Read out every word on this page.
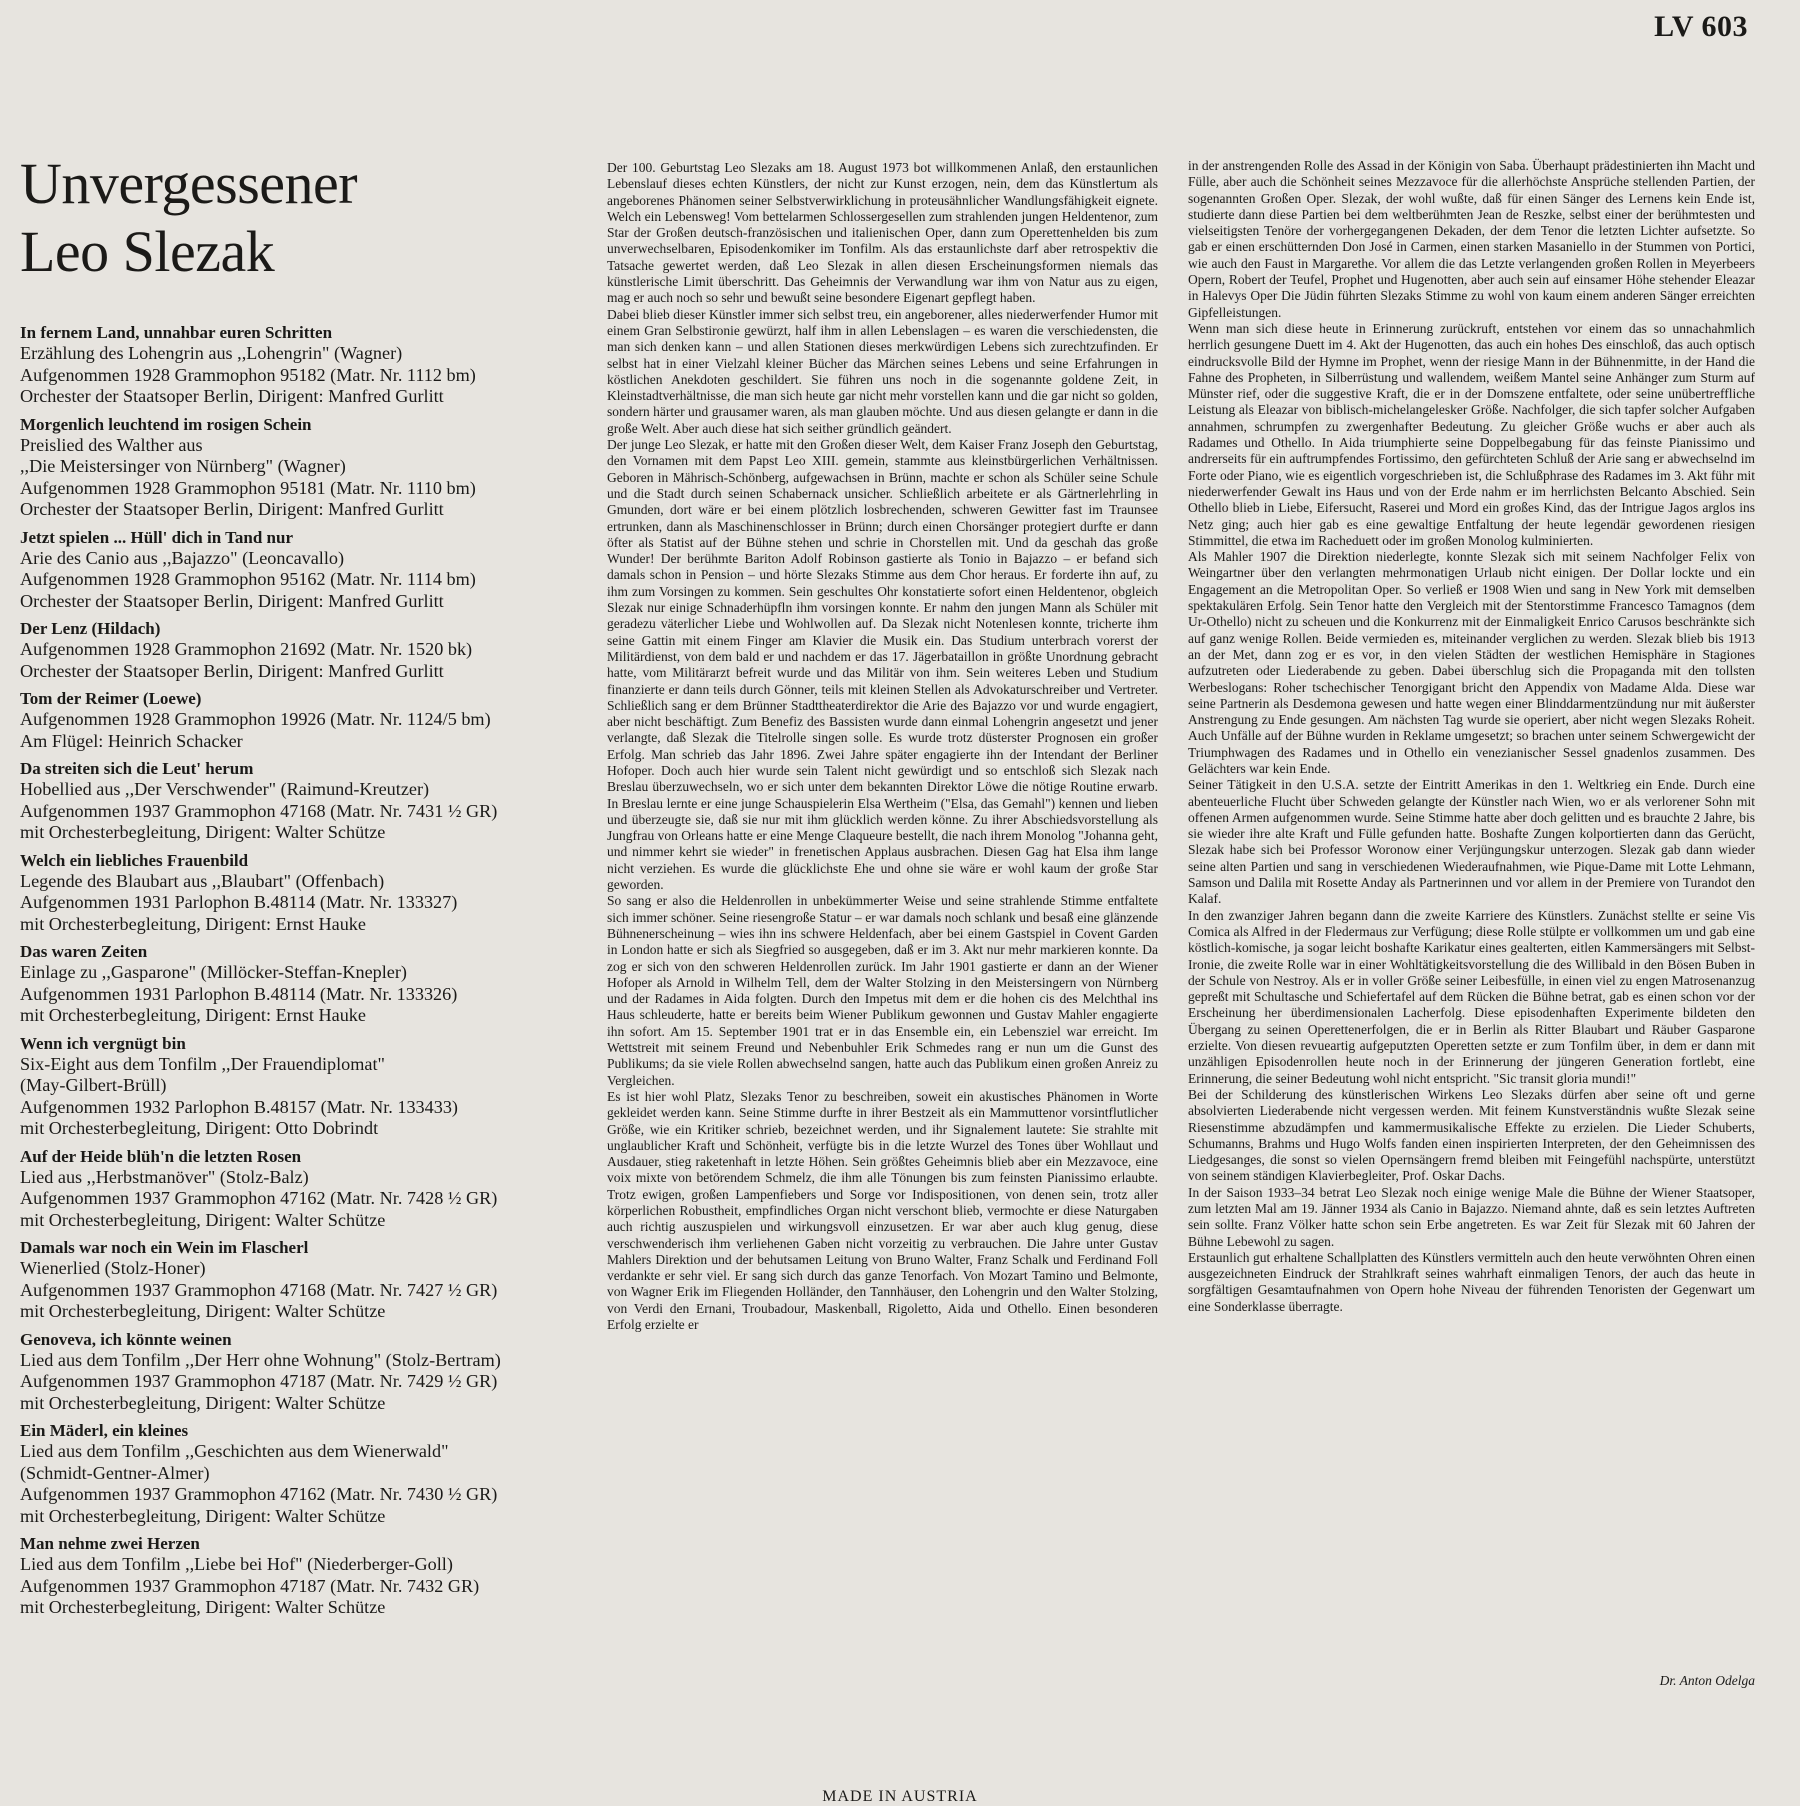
LV 603
Unvergessener
Leo Slezak
In fernem Land, unnahbar euren Schritten
Erzählung des Lohengrin aus ,,Lohengrin" (Wagner)
Aufgenommen 1928 Grammophon 95182 (Matr. Nr. 1112 bm)
Orchester der Staatsoper Berlin, Dirigent: Manfred Gurlitt
Morgenlich leuchtend im rosigen Schein
Preislied des Walther aus
,,Die Meistersinger von Nürnberg" (Wagner)
Aufgenommen 1928 Grammophon 95181 (Matr. Nr. 1110 bm)
Orchester der Staatsoper Berlin, Dirigent: Manfred Gurlitt
Jetzt spielen ... Hüll' dich in Tand nur
Arie des Canio aus ,,Bajazzo" (Leoncavallo)
Aufgenommen 1928 Grammophon 95162 (Matr. Nr. 1114 bm)
Orchester der Staatsoper Berlin, Dirigent: Manfred Gurlitt
Der Lenz (Hildach)
Aufgenommen 1928 Grammophon 21692 (Matr. Nr. 1520 bk)
Orchester der Staatsoper Berlin, Dirigent: Manfred Gurlitt
Tom der Reimer (Loewe)
Aufgenommen 1928 Grammophon 19926 (Matr. Nr. 1124/5 bm)
Am Flügel: Heinrich Schacker
Da streiten sich die Leut' herum
Hobellied aus ,,Der Verschwender" (Raimund-Kreutzer)
Aufgenommen 1937 Grammophon 47168 (Matr. Nr. 7431 ½ GR)
mit Orchesterbegleitung, Dirigent: Walter Schütze
Welch ein liebliches Frauenbild
Legende des Blaubart aus ,,Blaubart" (Offenbach)
Aufgenommen 1931 Parlophon B.48114 (Matr. Nr. 133327)
mit Orchesterbegleitung, Dirigent: Ernst Hauke
Das waren Zeiten
Einlage zu ,,Gasparone" (Millöcker-Steffan-Knepler)
Aufgenommen 1931 Parlophon B.48114 (Matr. Nr. 133326)
mit Orchesterbegleitung, Dirigent: Ernst Hauke
Wenn ich vergnügt bin
Six-Eight aus dem Tonfilm ,,Der Frauendiplomat"
(May-Gilbert-Brüll)
Aufgenommen 1932 Parlophon B.48157 (Matr. Nr. 133433)
mit Orchesterbegleitung, Dirigent: Otto Dobrindt
Auf der Heide blüh'n die letzten Rosen
Lied aus ,,Herbstmanöver" (Stolz-Balz)
Aufgenommen 1937 Grammophon 47162 (Matr. Nr. 7428 ½ GR)
mit Orchesterbegleitung, Dirigent: Walter Schütze
Damals war noch ein Wein im Flascherl
Wienerlied (Stolz-Honer)
Aufgenommen 1937 Grammophon 47168 (Matr. Nr. 7427 ½ GR)
mit Orchesterbegleitung, Dirigent: Walter Schütze
Genoveva, ich könnte weinen
Lied aus dem Tonfilm ,,Der Herr ohne Wohnung" (Stolz-Bertram)
Aufgenommen 1937 Grammophon 47187 (Matr. Nr. 7429 ½ GR)
mit Orchesterbegleitung, Dirigent: Walter Schütze
Ein Mäderl, ein kleines
Lied aus dem Tonfilm ,,Geschichten aus dem Wienerwald"
(Schmidt-Gentner-Almer)
Aufgenommen 1937 Grammophon 47162 (Matr. Nr. 7430 ½ GR)
mit Orchesterbegleitung, Dirigent: Walter Schütze
Man nehme zwei Herzen
Lied aus dem Tonfilm ,,Liebe bei Hof" (Niederberger-Goll)
Aufgenommen 1937 Grammophon 47187 (Matr. Nr. 7432 GR)
mit Orchesterbegleitung, Dirigent: Walter Schütze

Der 100. Geburtstag Leo Slezaks am 18. August 1973 bot willkommenen Anlaß, den erstaunlichen Lebenslauf dieses echten Künstlers, der nicht zur Kunst erzogen, nein, dem das Künstlertum als angeborenes Phänomen seiner Selbstverwirklichung in proteusähnlicher Wandlungsfähigkeit eignete. Welch ein Lebensweg! Vom bettelarmen Schlossergesellen zum strahlenden jungen Heldentenor, zum Star der Großen deutsch-französischen und italienischen Oper, dann zum Operettenhelden bis zum unverwechselbaren, Episodenkomiker im Tonfilm. Als das erstaunlichste darf aber retrospektiv die Tatsache gewertet werden, daß Leo Slezak in allen diesen Erscheinungsformen niemals das künstlerische Limit überschritt. Das Geheimnis der Verwandlung war ihm von Natur aus zu eigen, mag er auch noch so sehr und bewußt seine besondere Eigenart gepflegt haben.

Dabei blieb dieser Künstler immer sich selbst treu, ein angeborener, alles niederwerfender Humor mit einem Gran Selbstironie gewürzt, half ihm in allen Lebenslagen – es waren die verschiedensten, die man sich denken kann – und allen Stationen dieses merkwürdigen Lebens sich zurechtzufinden. Er selbst hat in einer Vielzahl kleiner Bücher das Märchen seines Lebens und seine Erfahrungen in köstlichen Anekdoten geschildert. Sie führen uns noch in die sogenannte goldene Zeit, in Kleinstadtverhältnisse, die man sich heute gar nicht mehr vorstellen kann und die gar nicht so golden, sondern härter und grausamer waren, als man glauben möchte. Und aus diesen gelangte er dann in die große Welt. Aber auch diese hat sich seither gründlich geändert.

Der junge Leo Slezak, er hatte mit den Großen dieser Welt, dem Kaiser Franz Joseph den Geburtstag, den Vornamen mit dem Papst Leo XIII. gemein, stammte aus kleinstbürgerlichen Verhältnissen. Geboren in Mährisch-Schönberg, aufgewachsen in Brünn, machte er schon als Schüler seine Schule und die Stadt durch seinen Schabernack unsicher. Schließlich arbeitete er als Gärtnerlehrling in Gmunden, dort wäre er bei einem plötzlich losbrechenden, schweren Gewitter fast im Traunsee ertrunken, dann als Maschinenschlosser in Brünn; durch einen Chorsänger protegiert durfte er dann öfter als Statist auf der Bühne stehen und schrie in Chorstellen mit. Und da geschah das große Wunder! Der berühmte Bariton Adolf Robinson gastierte als Tonio in Bajazzo – er befand sich damals schon in Pension – und hörte Slezaks Stimme aus dem Chor heraus. Er forderte ihn auf, zu ihm zum Vorsingen zu kommen. Sein geschultes Ohr konstatierte sofort einen Heldentenor, obgleich Slezak nur einige Schnaderhüpfln ihm vorsingen konnte. Er nahm den jungen Mann als Schüler mit geradezu väterlicher Liebe und Wohlwollen auf. Da Slezak nicht Notenlesen konnte, tricherte ihm seine Gattin mit einem Finger am Klavier die Musik ein. Das Studium unterbrach vorerst der Militärdienst, von dem bald er und nachdem er das 17. Jägerbataillon in größte Unordnung gebracht hatte, vom Militärarzt befreit wurde und das Militär von ihm. Sein weiteres Leben und Studium finanzierte er dann teils durch Gönner, teils mit kleinen Stellen als Advokaturschreiber und Vertreter. Schließlich sang er dem Brünner Stadttheaterdirektor die Arie des Bajazzo vor und wurde engagiert, aber nicht beschäftigt. Zum Benefiz des Bassisten wurde dann einmal Lohengrin angesetzt und jener verlangte, daß Slezak die Titelrolle singen solle. Es wurde trotz düsterster Prognosen ein großer Erfolg. Man schrieb das Jahr 1896. Zwei Jahre später engagierte ihn der Intendant der Berliner Hofoper. Doch auch hier wurde sein Talent nicht gewürdigt und so entschloß sich Slezak nach Breslau überzuwechseln, wo er sich unter dem bekannten Direktor Löwe die nötige Routine erwarb. In Breslau lernte er eine junge Schauspielerin Elsa Wertheim ("Elsa, das Gemahl") kennen und lieben und überzeugte sie, daß sie nur mit ihm glücklich werden könne. Zu ihrer Abschiedsvorstellung als Jungfrau von Orleans hatte er eine Menge Claqueure bestellt, die nach ihrem Monolog "Johanna geht, und nimmer kehrt sie wieder" in frenetischen Applaus ausbrachen. Diesen Gag hat Elsa ihm lange nicht verziehen. Es wurde die glücklichste Ehe und ohne sie wäre er wohl kaum der große Star geworden.

So sang er also die Heldenrollen in unbekümmerter Weise und seine strahlende Stimme entfaltete sich immer schöner. Seine riesengroße Statur – er war damals noch schlank und besaß eine glänzende Bühnenerscheinung – wies ihn ins schwere Heldenfach, aber bei einem Gastspiel in Covent Garden in London hatte er sich als Siegfried so ausgegeben, daß er im 3. Akt nur mehr markieren konnte. Da zog er sich von den schweren Heldenrollen zurück. Im Jahr 1901 gastierte er dann an der Wiener Hofoper als Arnold in Wilhelm Tell, dem der Walter Stolzing in den Meistersingern von Nürnberg und der Radames in Aida folgten. Durch den Impetus mit dem er die hohen cis des Melchthal ins Haus schleuderte, hatte er bereits beim Wiener Publikum gewonnen und Gustav Mahler engagierte ihn sofort. Am 15. September 1901 trat er in das Ensemble ein, ein Lebensziel war erreicht. Im Wettstreit mit seinem Freund und Nebenbuhler Erik Schmedes rang er nun um die Gunst des Publikums; da sie viele Rollen abwechselnd sangen, hatte auch das Publikum einen großen Anreiz zu Vergleichen.

Es ist hier wohl Platz, Slezaks Tenor zu beschreiben, soweit ein akustisches Phänomen in Worte gekleidet werden kann. Seine Stimme durfte in ihrer Bestzeit als ein Mammuttenor vorsintflutlicher Größe, wie ein Kritiker schrieb, bezeichnet werden, und ihr Signalement lautete: Sie strahlte mit unglaublicher Kraft und Schönheit, verfügte bis in die letzte Wurzel des Tones über Wohllaut und Ausdauer, stieg raketenhaft in letzte Höhen. Sein größtes Geheimnis blieb aber ein Mezzavoce, eine voix mixte von betörendem Schmelz, die ihm alle Tönungen bis zum feinsten Pianissimo erlaubte. Trotz ewigen, großen Lampenfiebers und Sorge vor Indispositionen, von denen sein, trotz aller körperlichen Robustheit, empfindliches Organ nicht verschont blieb, vermochte er diese Naturgaben auch richtig auszuspielen und wirkungsvoll einzusetzen. Er war aber auch klug genug, diese verschwenderisch ihm verliehenen Gaben nicht vorzeitig zu verbrauchen. Die Jahre unter Gustav Mahlers Direktion und der behutsamen Leitung von Bruno Walter, Franz Schalk und Ferdinand Foll verdankte er sehr viel. Er sang sich durch das ganze Tenorfach. Von Mozart Tamino und Belmonte, von Wagner Erik im Fliegenden Holländer, den Tannhäuser, den Lohengrin und den Walter Stolzing, von Verdi den Ernani, Troubadour, Maskenball, Rigoletto, Aida und Othello. Einen besonderen Erfolg erzielte er

in der anstrengenden Rolle des Assad in der Königin von Saba. Überhaupt prädestinierten ihn Macht und Fülle, aber auch die Schönheit seines Mezzavoce für die allerhöchste Ansprüche stellenden Partien, der sogenannten Großen Oper. Slezak, der wohl wußte, daß für einen Sänger des Lernens kein Ende ist, studierte dann diese Partien bei dem weltberühmten Jean de Reszke, selbst einer der berühmtesten und vielseitigsten Tenöre der vorhergegangenen Dekaden, der dem Tenor die letzten Lichter aufsetzte. So gab er einen erschütternden Don José in Carmen, einen starken Masaniello in der Stummen von Portici, wie auch den Faust in Margarethe. Vor allem die das Letzte verlangenden großen Rollen in Meyerbeers Opern, Robert der Teufel, Prophet und Hugenotten, aber auch sein auf einsamer Höhe stehender Eleazar in Halevys Oper Die Jüdin führten Slezaks Stimme zu wohl von kaum einem anderen Sänger erreichten Gipfelleistungen.

Wenn man sich diese heute in Erinnerung zurückruft, entstehen vor einem das so unnachahmlich herrlich gesungene Duett im 4. Akt der Hugenotten, das auch ein hohes Des einschloß, das auch optisch eindrucksvolle Bild der Hymne im Prophet, wenn der riesige Mann in der Bühnenmitte, in der Hand die Fahne des Propheten, in Silberrüstung und wallendem, weißem Mantel seine Anhänger zum Sturm auf Münster rief, oder die suggestive Kraft, die er in der Domszene entfaltete, oder seine unübertreffliche Leistung als Eleazar von biblisch-michelangelesker Größe. Nachfolger, die sich tapfer solcher Aufgaben annahmen, schrumpfen zu zwergenhafter Bedeutung. Zu gleicher Größe wuchs er aber auch als Radames und Othello. In Aida triumphierte seine Doppelbegabung für das feinste Pianissimo und andrerseits für ein auftrumpfendes Fortissimo, den gefürchteten Schluß der Arie sang er abwechselnd im Forte oder Piano, wie es eigentlich vorgeschrieben ist, die Schlußphrase des Radames im 3. Akt führ mit niederwerfender Gewalt ins Haus und von der Erde nahm er im herrlichsten Belcanto Abschied. Sein Othello blieb in Liebe, Eifersucht, Raserei und Mord ein großes Kind, das der Intrigue Jagos arglos ins Netz ging; auch hier gab es eine gewaltige Entfaltung der heute legendär gewordenen riesigen Stimmittel, die etwa im Racheduett oder im großen Monolog kulminierten.

Als Mahler 1907 die Direktion niederlegte, konnte Slezak sich mit seinem Nachfolger Felix von Weingartner über den verlangten mehrmonatigen Urlaub nicht einigen. Der Dollar lockte und ein Engagement an die Metropolitan Oper. So verließ er 1908 Wien und sang in New York mit demselben spektakulären Erfolg. Sein Tenor hatte den Vergleich mit der Stentorstimme Francesco Tamagnos (dem Ur-Othello) nicht zu scheuen und die Konkurrenz mit der Einmaligkeit Enrico Carusos beschränkte sich auf ganz wenige Rollen. Beide vermieden es, miteinander verglichen zu werden. Slezak blieb bis 1913 an der Met, dann zog er es vor, in den vielen Städten der westlichen Hemisphäre in Stagiones aufzutreten oder Liederabende zu geben. Dabei überschlug sich die Propaganda mit den tollsten Werbeslogans: Roher tschechischer Tenorgigant bricht den Appendix von Madame Alda. Diese war seine Partnerin als Desdemona gewesen und hatte wegen einer Blinddarmentzündung nur mit äußerster Anstrengung zu Ende gesungen. Am nächsten Tag wurde sie operiert, aber nicht wegen Slezaks Roheit. Auch Unfälle auf der Bühne wurden in Reklame umgesetzt; so brachen unter seinem Schwergewicht der Triumphwagen des Radames und in Othello ein venezianischer Sessel gnadenlos zusammen. Des Gelächters war kein Ende.

Seiner Tätigkeit in den U.S.A. setzte der Eintritt Amerikas in den 1. Weltkrieg ein Ende. Durch eine abenteuerliche Flucht über Schweden gelangte der Künstler nach Wien, wo er als verlorener Sohn mit offenen Armen aufgenommen wurde. Seine Stimme hatte aber doch gelitten und es brauchte 2 Jahre, bis sie wieder ihre alte Kraft und Fülle gefunden hatte. Boshafte Zungen kolportierten dann das Gerücht, Slezak habe sich bei Professor Woronow einer Verjüngungskur unterzogen. Slezak gab dann wieder seine alten Partien und sang in verschiedenen Wiederaufnahmen, wie Pique-Dame mit Lotte Lehmann, Samson und Dalila mit Rosette Anday als Partnerinnen und vor allem in der Premiere von Turandot den Kalaf.

In den zwanziger Jahren begann dann die zweite Karriere des Künstlers. Zunächst stellte er seine Vis Comica als Alfred in der Fledermaus zur Verfügung; diese Rolle stülpte er vollkommen um und gab eine köstlich-komische, ja sogar leicht boshafte Karikatur eines gealterten, eitlen Kammersängers mit Selbst-Ironie, die zweite Rolle war in einer Wohltätigkeitsvorstellung die des Willibald in den Bösen Buben in der Schule von Nestroy. Als er in voller Größe seiner Leibesfülle, in einen viel zu engen Matrosenanzug gepreßt mit Schultasche und Schiefertafel auf dem Rücken die Bühne betrat, gab es einen schon vor der Erscheinung her überdimensionalen Lacherfolg. Diese episodenhaften Experimente bildeten den Übergang zu seinen Operettenerfolgen, die er in Berlin als Ritter Blaubart und Räuber Gasparone erzielte. Von diesen revueartig aufgeputzten Operetten setzte er zum Tonfilm über, in dem er dann mit unzähligen Episodenrollen heute noch in der Erinnerung der jüngeren Generation fortlebt, eine Erinnerung, die seiner Bedeutung wohl nicht entspricht. "Sic transit gloria mundi!"

Bei der Schilderung des künstlerischen Wirkens Leo Slezaks dürfen aber seine oft und gerne absolvierten Liederabende nicht vergessen werden. Mit feinem Kunstverständnis wußte Slezak seine Riesenstimme abzudämpfen und kammermusikalische Effekte zu erzielen. Die Lieder Schuberts, Schumanns, Brahms und Hugo Wolfs fanden einen inspirierten Interpreten, der den Geheimnissen des Liedgesanges, die sonst so vielen Opernsängern fremd bleiben mit Feingefühl nachspürte, unterstützt von seinem ständigen Klavierbegleiter, Prof. Oskar Dachs.

In der Saison 1933–34 betrat Leo Slezak noch einige wenige Male die Bühne der Wiener Staatsoper, zum letzten Mal am 19. Jänner 1934 als Canio in Bajazzo. Niemand ahnte, daß es sein letztes Auftreten sein sollte. Franz Völker hatte schon sein Erbe angetreten. Es war Zeit für Slezak mit 60 Jahren der Bühne Lebewohl zu sagen.

Erstaunlich gut erhaltene Schallplatten des Künstlers vermitteln auch den heute verwöhnten Ohren einen ausgezeichneten Eindruck der Strahlkraft seines wahrhaft einmaligen Tenors, der auch das heute in sorgfältigen Gesamtaufnahmen von Opern hohe Niveau der führenden Tenoristen der Gegenwart um eine Sonderklasse überragte.

Dr. Anton Odelga
MADE IN AUSTRIA
